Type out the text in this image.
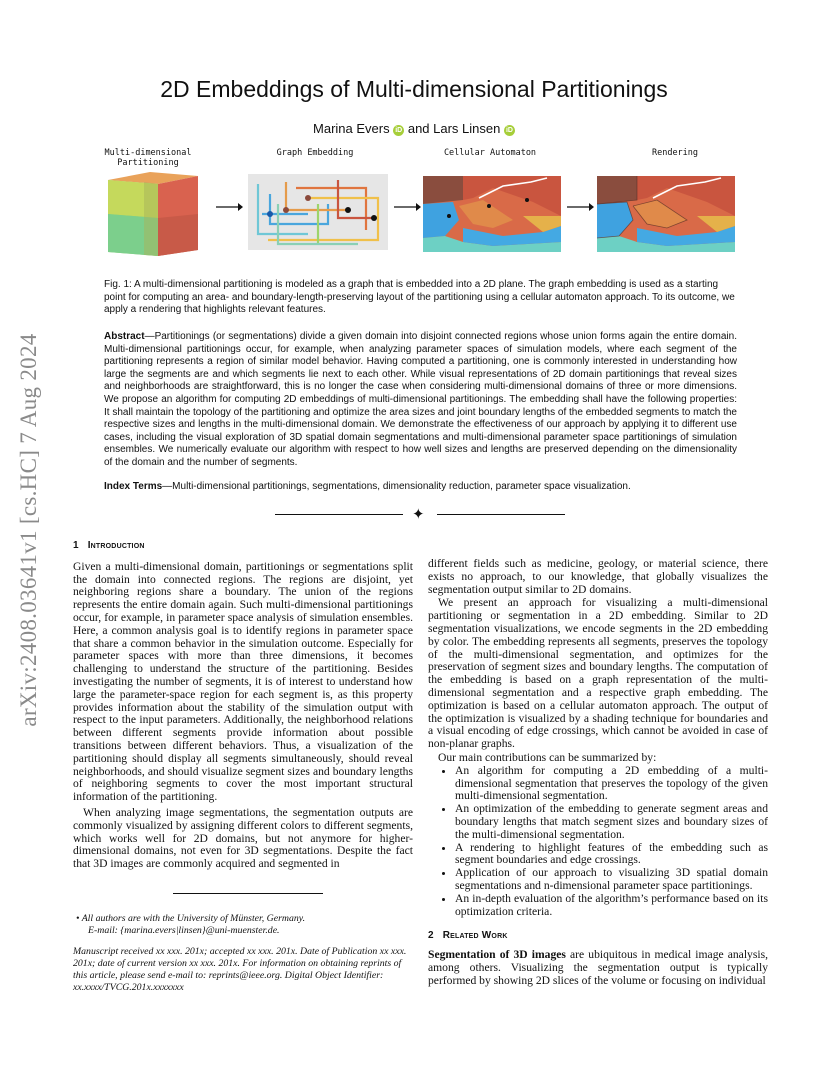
arXiv:2408.03641v1 [cs.HC] 7 Aug 2024
2D Embeddings of Multi-dimensional Partitionings
Marina Evers iD and Lars Linsen iD
Multi-dimensional Partitioning
Graph Embedding	Cellular Automaton	Rendering
Fig. 1: A multi-dimensional partitioning is modeled as a graph that is embedded into a 2D plane. The graph embedding is used as a starting point for computing an area- and boundary-length-preserving layout of the partitioning using a cellular automaton approach. To its outcome, we apply a rendering that highlights relevant features.
Abstract—Partitionings (or segmentations) divide a given domain into disjoint connected regions whose union forms again the entire domain. Multi-dimensional partitionings occur, for example, when analyzing parameter spaces of simulation models, where each segment of the partitioning represents a region of similar model behavior. Having computed a partitioning, one is commonly interested in understanding how large the segments are and which segments lie next to each other. While visual representations of 2D domain partitionings that reveal sizes and neighborhoods are straightforward, this is no longer the case when considering multi-dimensional domains of three or more dimensions. We propose an algorithm for computing 2D embeddings of multi-dimensional partitionings. The embedding shall have the following properties: It shall maintain the topology of the partitioning and optimize the area sizes and joint boundary lengths of the embedded segments to match the respective sizes and lengths in the multi-dimensional domain. We demonstrate the effectiveness of our approach by applying it to different use cases, including the visual exploration of 3D spatial domain segmentations and multi-dimensional parameter space partitionings of simulation ensembles. We numerically evaluate our algorithm with respect to how well sizes and lengths are preserved depending on the dimensionality of the domain and the number of segments.
Index Terms—Multi-dimensional partitionings, segmentations, dimensionality reduction, parameter space visualization.
✦
1 Introduction

Given a multi-dimensional domain, partitionings or segmentations split the domain into connected regions. The regions are disjoint, yet neighboring regions share a boundary. The union of the regions represents the entire domain again. Such multi-dimensional partitionings occur, for example, in parameter space analysis of simulation ensembles. Here, a common analysis goal is to identify regions in parameter space that share a common behavior in the simulation outcome. Especially for parameter spaces with more than three dimensions, it becomes challenging to understand the structure of the partitioning. Besides investigating the number of segments, it is of interest to understand how large the parameter-space region for each segment is, as this property provides information about the stability of the simulation output with respect to the input parameters. Additionally, the neighborhood relations between different segments provide information about possible transitions between different behaviors. Thus, a visualization of the partitioning should display all segments simultaneously, should reveal neighborhoods, and should visualize segment sizes and boundary lengths of neighboring segments to cover the most important structural information of the partitioning.

When analyzing image segmentations, the segmentation outputs are commonly visualized by assigning different colors to different segments, which works well for 2D domains, but not anymore for higher-dimensional domains, not even for 3D segmentations. Despite the fact that 3D images are commonly acquired and segmented in

• All authors are with the University of Münster, Germany.
E-mail: {marina.evers|linsen}@uni-muenster.de.
Manuscript received xx xxx. 201x; accepted xx xxx. 201x. Date of Publication xx xxx. 201x; date of current version xx xxx. 201x. For information on obtaining reprints of this article, please send e-mail to: reprints@ieee.org. Digital Object Identifier: xx.xxxx/TVCG.201x.xxxxxxx

different fields such as medicine, geology, or material science, there exists no approach, to our knowledge, that globally visualizes the segmentation output similar to 2D domains.

We present an approach for visualizing a multi-dimensional partitioning or segmentation in a 2D embedding. Similar to 2D segmentation visualizations, we encode segments in the 2D embedding by color. The embedding represents all segments, preserves the topology of the multi-dimensional segmentation, and optimizes for the preservation of segment sizes and boundary lengths. The computation of the embedding is based on a graph representation of the multi-dimensional segmentation and a respective graph embedding. The optimization is based on a cellular automaton approach. The output of the optimization is visualized by a shading technique for boundaries and a visual encoding of edge crossings, which cannot be avoided in case of non-planar graphs.

Our main contributions can be summarized by:

• An algorithm for computing a 2D embedding of a multi-dimensional segmentation that preserves the topology of the given multi-dimensional segmentation.
• An optimization of the embedding to generate segment areas and boundary lengths that match segment sizes and boundary sizes of the multi-dimensional segmentation.
• A rendering to highlight features of the embedding such as segment boundaries and edge crossings.
• Application of our approach to visualizing 3D spatial domain segmentations and n-dimensional parameter space partitionings.
• An in-depth evaluation of the algorithm’s performance based on its optimization criteria.
2 Related Work

Segmentation of 3D images are ubiquitous in medical image analysis, among others. Visualizing the segmentation output is typically performed by showing 2D slices of the volume or focusing on individual
